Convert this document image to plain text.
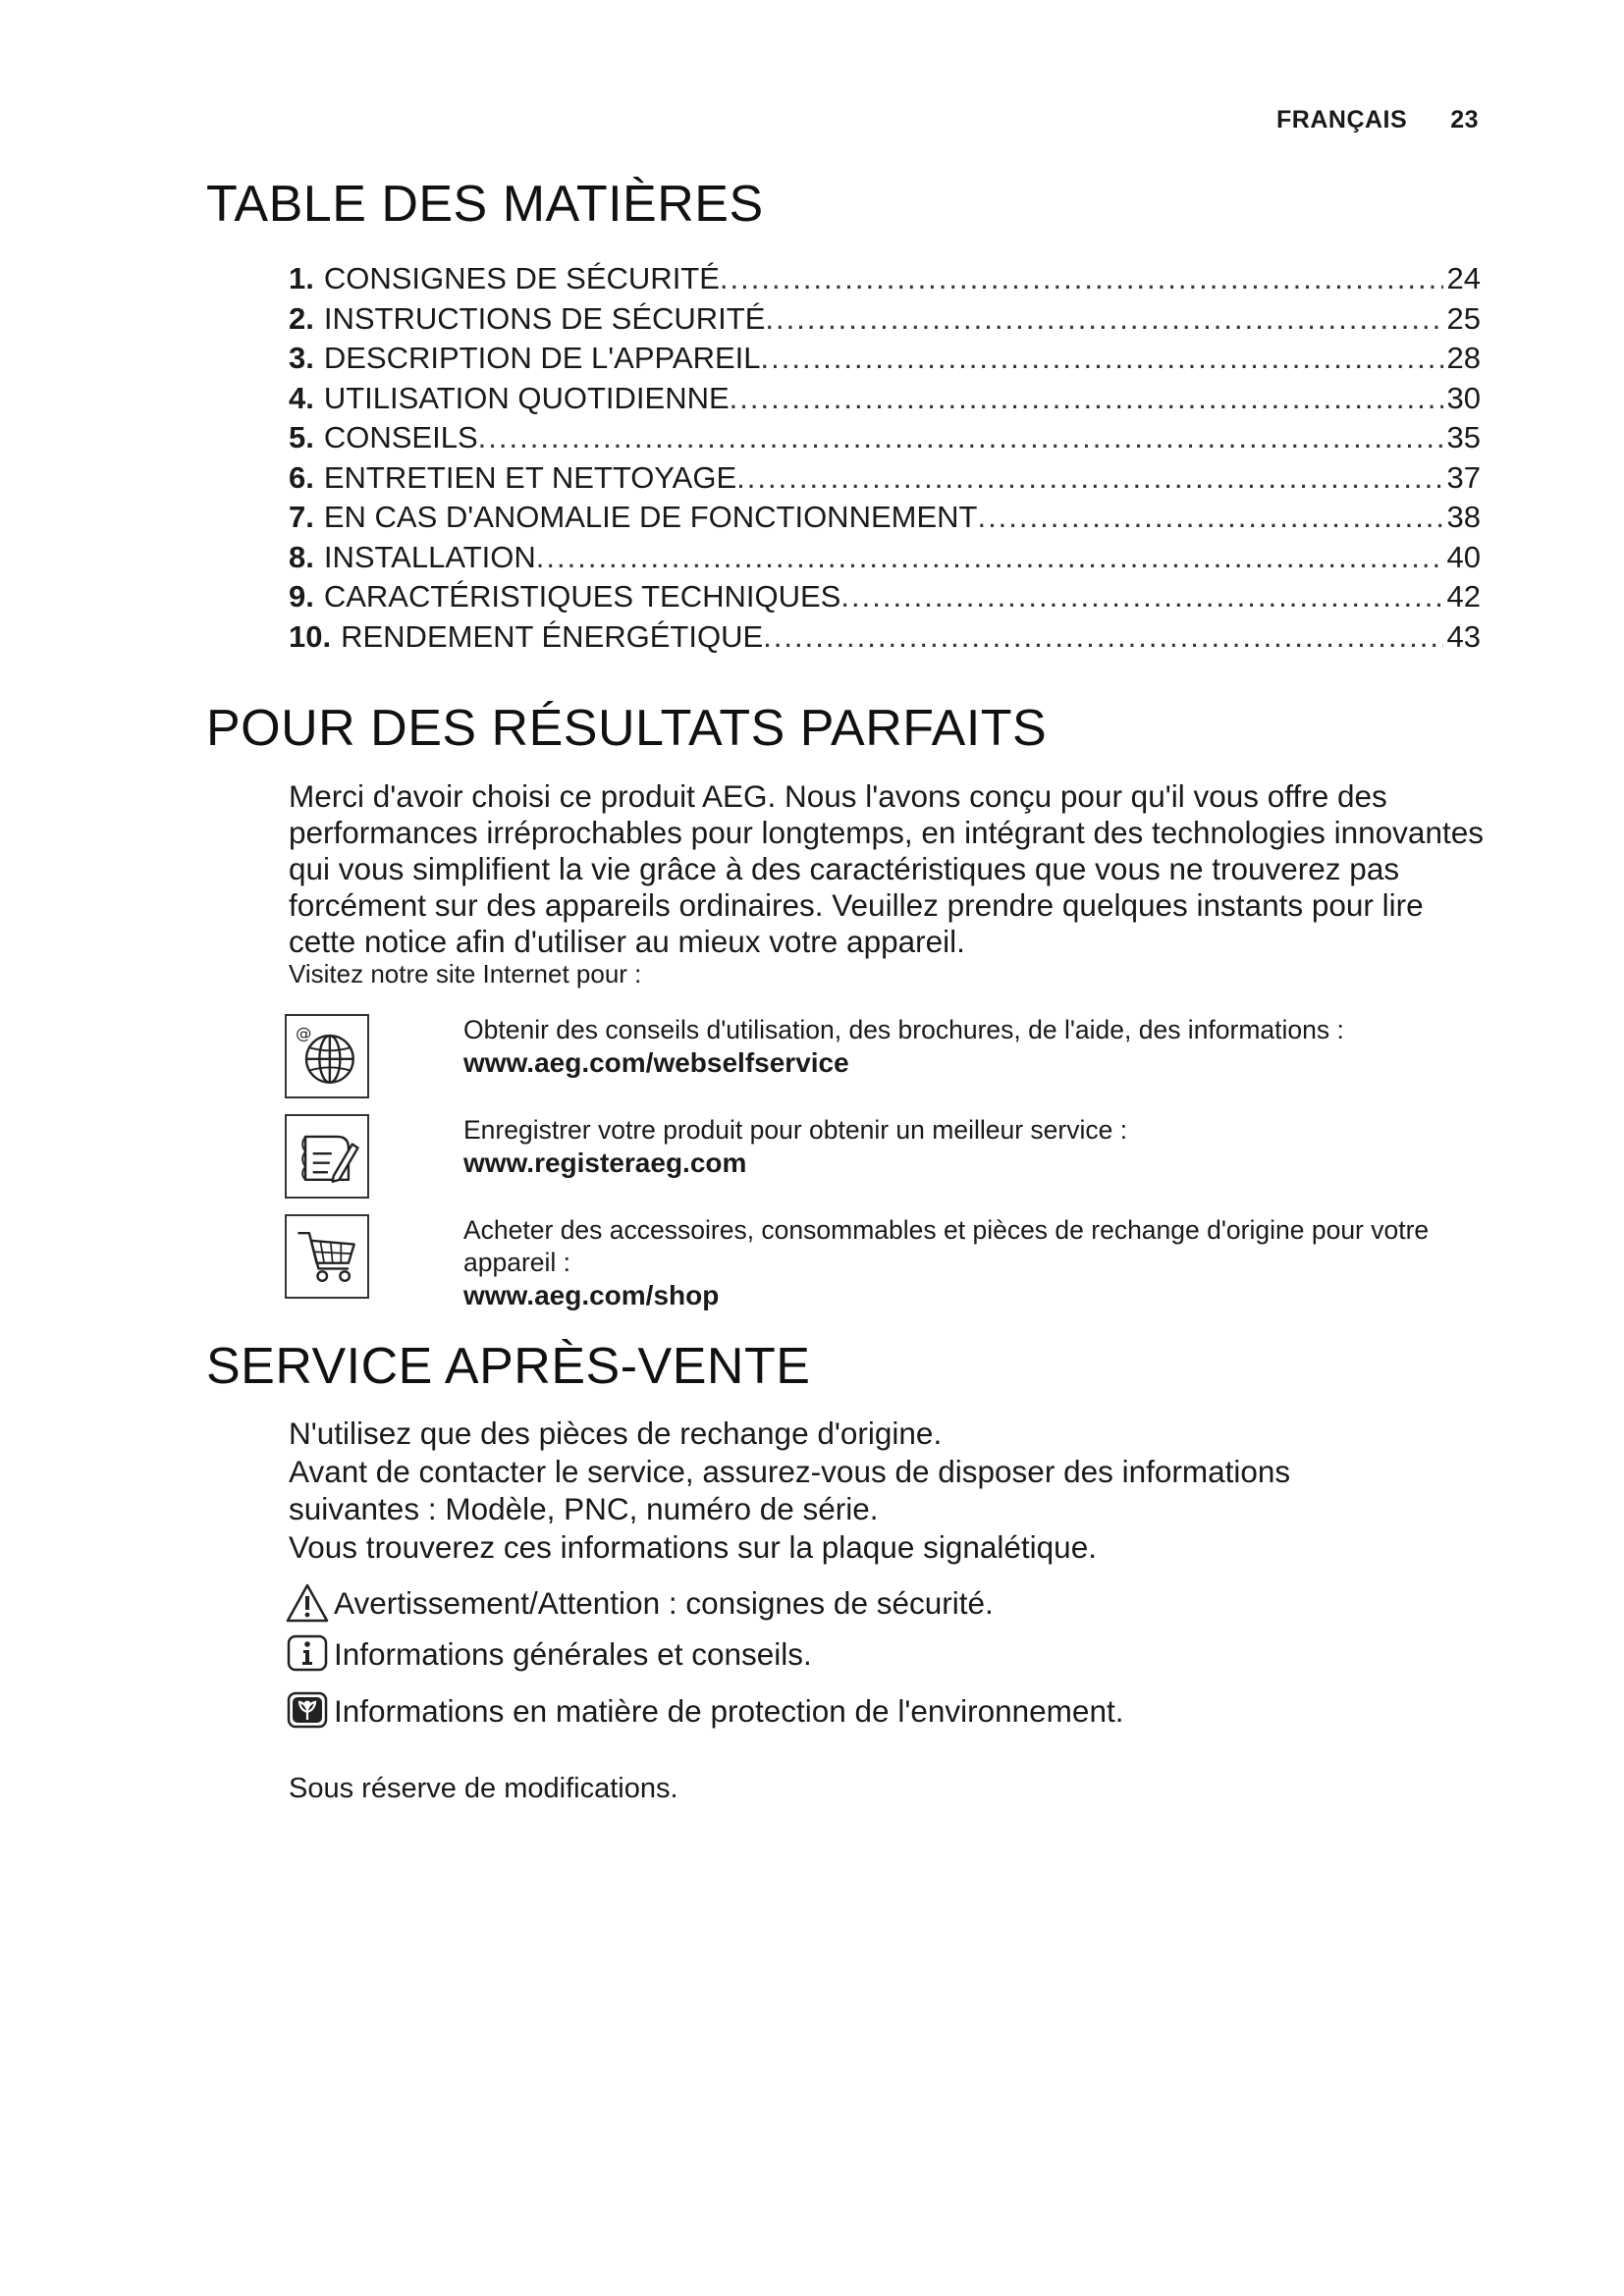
FRANÇAIS 23
TABLE DES MATIÈRES
1. CONSIGNES DE SÉCURITÉ .....	24
2. INSTRUCTIONS DE SÉCURITÉ .....	25
3. DESCRIPTION DE L'APPAREIL .....	28
4. UTILISATION QUOTIDIENNE .....	30
5. CONSEILS .....	35
6. ENTRETIEN ET NETTOYAGE .....	37
7. EN CAS D'ANOMALIE DE FONCTIONNEMENT .....	38
8. INSTALLATION .....	40
9. CARACTÉRISTIQUES TECHNIQUES .....	42
10. RENDEMENT ÉNERGÉTIQUE .....	43
POUR DES RÉSULTATS PARFAITS

Merci d'avoir choisi ce produit AEG. Nous l'avons conçu pour qu'il vous offre des performances irréprochables pour longtemps, en intégrant des technologies innovantes qui vous simplifient la vie grâce à des caractéristiques que vous ne trouverez pas forcément sur des appareils ordinaires. Veuillez prendre quelques instants pour lire cette notice afin d'utiliser au mieux votre appareil.

Visitez notre site Internet pour :
@	Obtenir des conseils d'utilisation, des brochures, de l'aide, des informations :
www.aeg.com/webselfservice
Enregistrer votre produit pour obtenir un meilleur service :
www.registeraeg.com
Acheter des accessoires, consommables et pièces de rechange d'origine pour votre appareil :
www.aeg.com/shop
SERVICE APRÈS-VENTE
N'utilisez que des pièces de rechange d'origine.
Avant de contacter le service, assurez-vous de disposer des informations suivantes : Modèle, PNC, numéro de série.
Vous trouverez ces informations sur la plaque signalétique.
Avertissement/Attention : consignes de sécurité.
Informations générales et conseils.
Informations en matière de protection de l'environnement.
Sous réserve de modifications.
